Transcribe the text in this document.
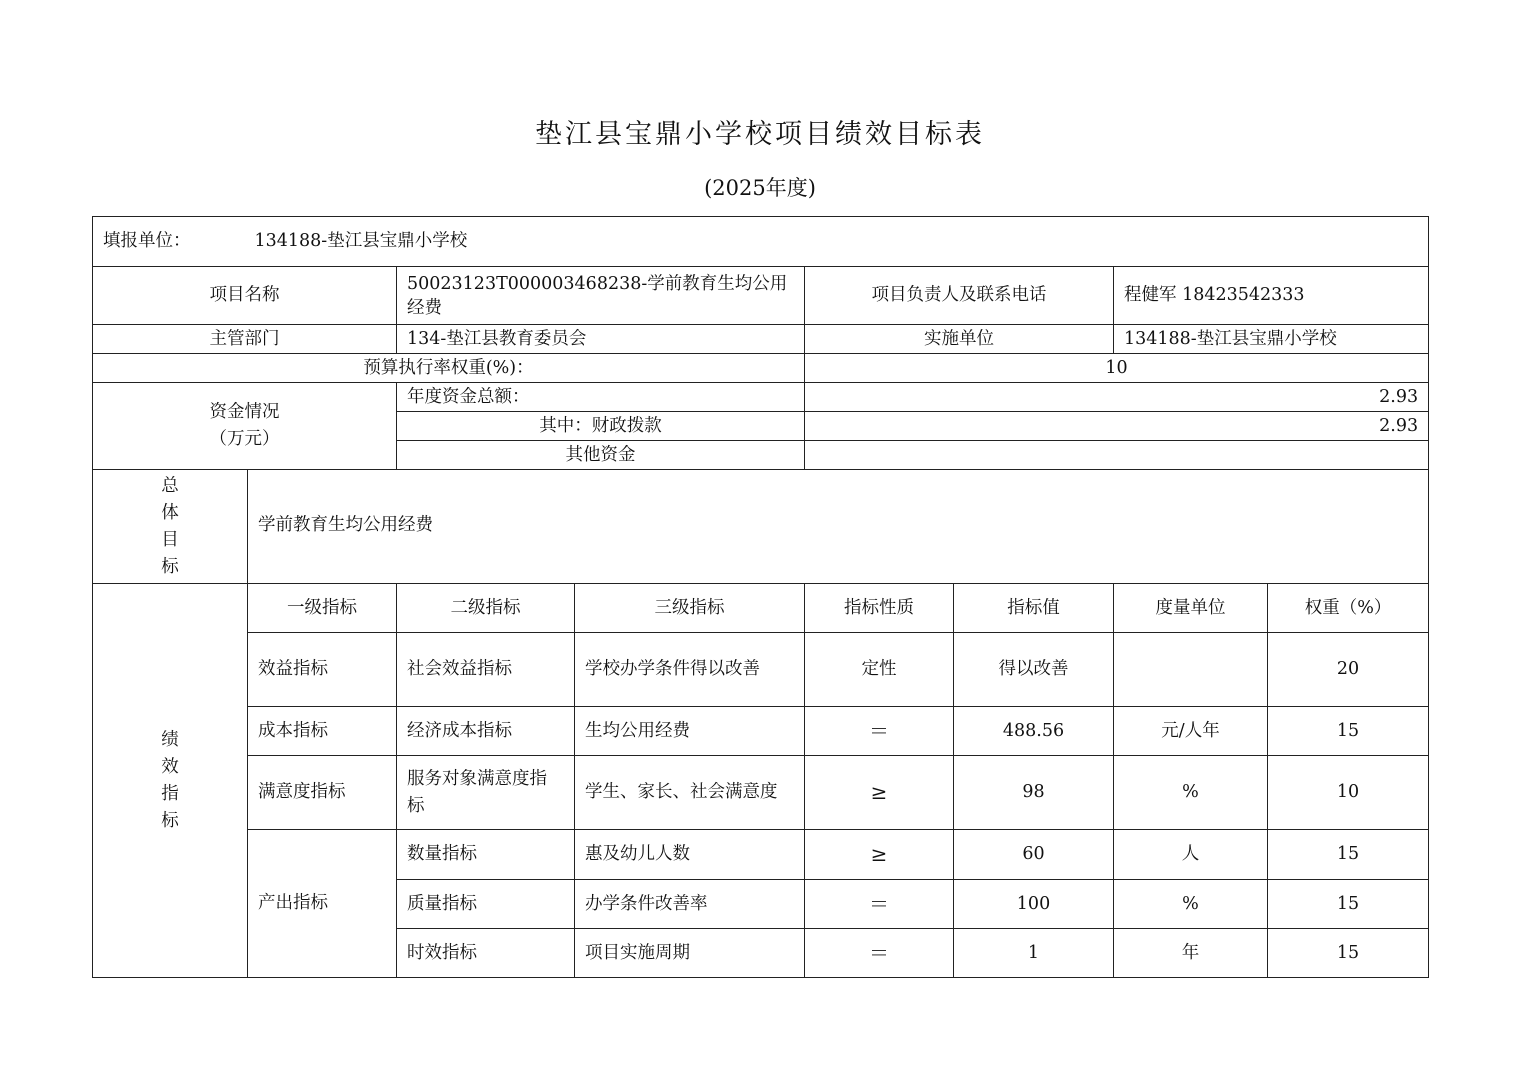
垫江县宝鼎小学校项目绩效目标表
(2025年度)
填报单位： 134188-垫江县宝鼎小学校							
项目名称		50023123T000003468238-学前教育生均公用经费		项目负责人及联系电话		程健军 18423542333	
主管部门		134-垫江县教育委员会		实施单位		134188-垫江县宝鼎小学校	
预算执行率权重(%)：				10			

资金情况
（万元）		年度资金总额：		2.93			
		其中：财政拨款		2.93			
		其他资金					

总
体
目
标	学前教育生均公用经费						

绩
效
指
标	一级指标	二级指标	三级指标	指标性质	指标值	度量单位	权重（%）
	效益指标	社会效益指标	学校办学条件得以改善	定性	得以改善		20
	成本指标	经济成本指标	生均公用经费	＝	488.56	元/人年	15
	满意度指标	服务对象满意度指标	学生、家长、社会满意度	≥	98	%	10
	产出指标	数量指标	惠及幼儿人数	≥	60	人	15
		质量指标	办学条件改善率	＝	100	%	15
		时效指标	项目实施周期	＝	1	年	15
